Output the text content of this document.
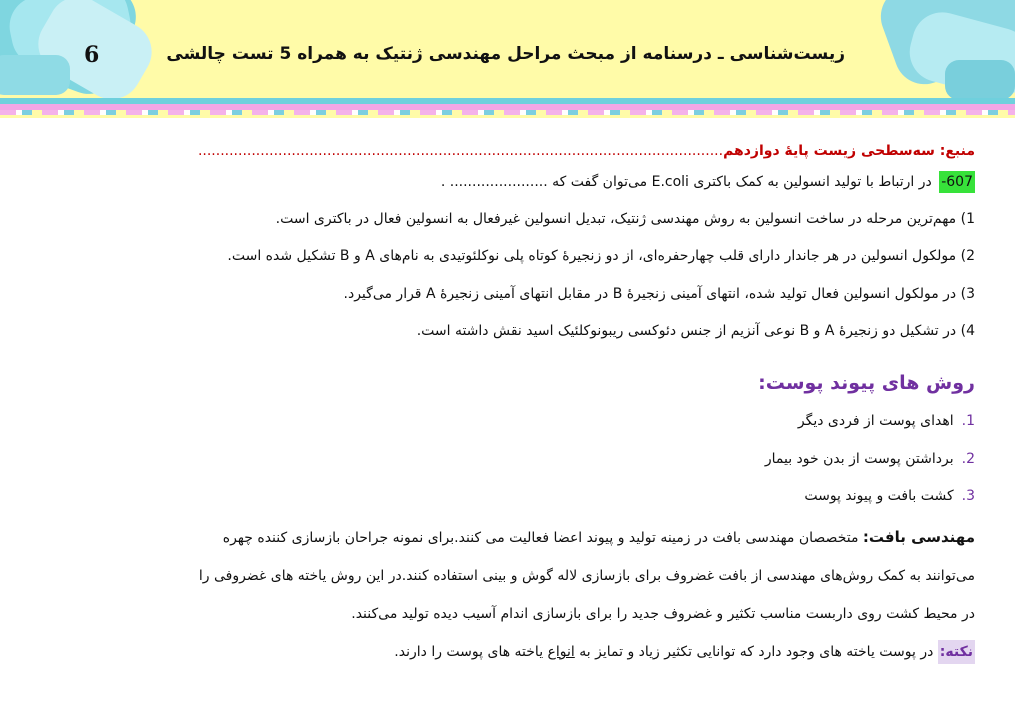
زیست‌شناسی ـ درسنامه از مبحث مراحل مهندسی ژنتیک به همراه 5 تست چالشی
6
منبع: سه‌سطحی زیست پایهٔ دوازدهم......................................................................................................................
607- در ارتباط با تولید انسولین به کمک باکتری E.coli می‌توان گفت که ...................... .
1) مهم‌ترین مرحله در ساخت انسولین به روش مهندسی ژنتیک، تبدیل انسولین غیرفعال به انسولین فعال در باکتری است.
2) مولکول انسولین در هر جاندار دارای قلب چهارحفره‌ای، از دو زنجیرهٔ کوتاه پلی نوکلئوتیدی به نام‌های A و B تشکیل شده است.
3) در مولکول انسولین فعال تولید شده، انتهای آمینی زنجیرهٔ B در مقابل انتهای آمینی زنجیرهٔ A قرار می‌گیرد.
4) در تشکیل دو زنجیرهٔ A و B نوعی آنزیم از جنس دئوکسی ریبونوکلئیک اسید نقش داشته است.
روش های پیوند پوست:
1.اهدای پوست از فردی دیگر
2.برداشتن پوست از بدن خود بیمار
3.کشت بافت و پیوند پوست
مهندسی بافت: متخصصان مهندسی بافت در زمینه تولید و پیوند اعضا فعالیت می کنند.برای نمونه جراحان بازسازی کننده چهره
می‌توانند به کمک روش‌های مهندسی از بافت غضروف برای بازسازی لاله گوش و بینی استفاده کنند.در این روش یاخته های غضروفی را
در محیط کشت روی داربست مناسب تکثیر و غضروف جدید را برای بازسازی اندام آسیب دیده تولید می‌کنند.
نکته: در پوست یاخته های وجود دارد که توانایی تکثیر زیاد و تمایز به انواع یاخته های پوست را دارند.
